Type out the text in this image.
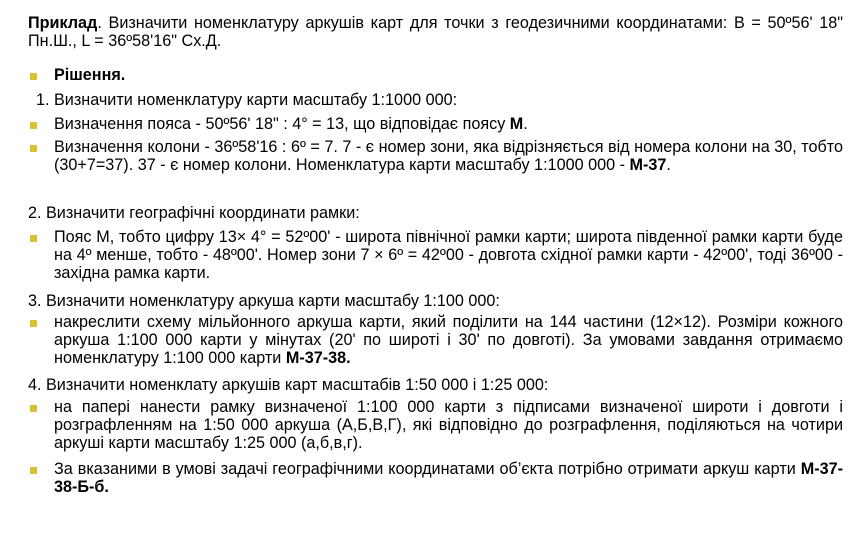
Приклад. Визначити номенклатуру аркушів карт для точки з геодезичними координатами: B = 50º56' 18" Пн.Ш., L = 36º58'16" Сх.Д.
Рішення.
1. Визначити номенклатуру карти масштабу 1:1000 000:
Визначення пояса - 50º56' 18" : 4° = 13, що відповідає поясу M.
Визначення колони - 36º58'16 : 6º = 7. 7 - є номер зони, яка відрізняється від номера колони на 30, тобто (30+7=37). 37 - є номер колони. Номенклатура карти масштабу 1:1000 000 - М-37.
2. Визначити географічні координати рамки:
Пояс М, тобто цифру 13× 4° = 52º00' - широта північної рамки карти; широта південної рамки карти буде на 4º менше, тобто - 48º00'. Номер зони 7 × 6º = 42º00 - довгота східної рамки карти - 42º00', тоді 36º00 - західна рамка карти.
3. Визначити номенклатуру аркуша карти масштабу 1:100 000:
накреслити схему мільйонного аркуша карти, який поділити на 144 частини (12×12). Розміри кожного аркуша 1:100 000 карти у мінутах (20' по широті і 30' по довготі). За умовами завдання отримаємо номенклатуру 1:100 000 карти М-37-38.
4. Визначити номенклату аркушів карт масштабів 1:50 000 і 1:25 000:
на папері нанести рамку визначеної 1:100 000 карти з підписами визначеної широти і довготи і розграфленням на 1:50 000 аркуша (А,Б,В,Г), які відповідно до розграфлення, поділяються на чотири аркуші карти масштабу 1:25 000 (а,б,в,г).
За вказаними в умові задачі географічними координатами об’єкта потрібно отримати аркуш карти М-37-38-Б-б.
